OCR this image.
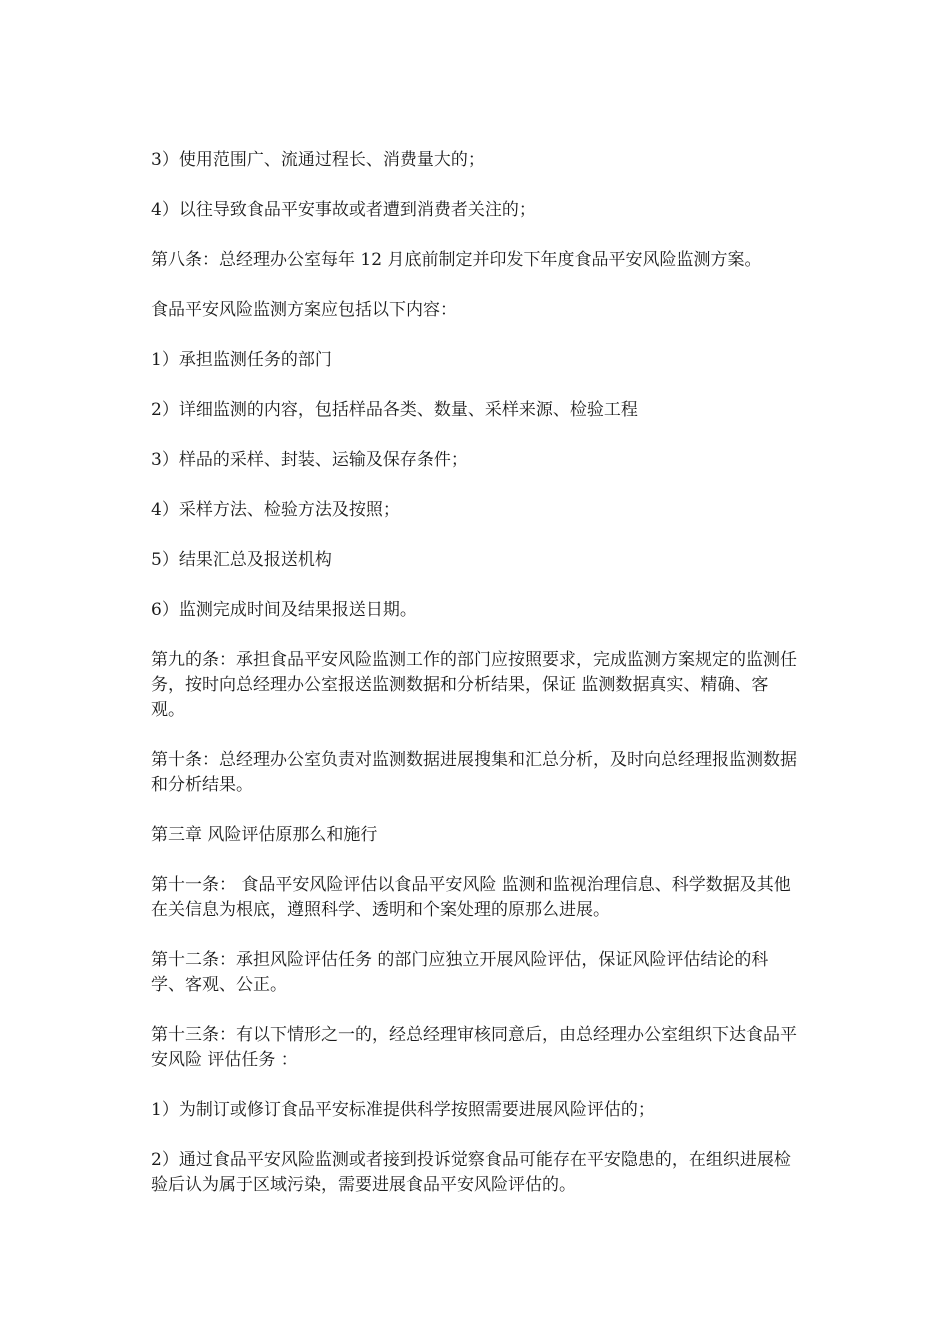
3）使用范围广、流通过程长、消费量大的；

4）以往导致食品平安事故或者遭到消费者关注的；

第八条：总经理办公室每年 12 月底前制定并印发下年度食品平安风险监测方案。

食品平安风险监测方案应包括以下内容：

1）承担监测任务的部门

2）详细监测的内容，包括样品各类、数量、采样来源、检验工程

3）样品的采样、封装、运输及保存条件；

4）采样方法、检验方法及按照；

5）结果汇总及报送机构

6）监测完成时间及结果报送日期。

第九的条：承担食品平安风险监测工作的部门应按照要求，完成监测方案规定的监测任务，按时向总经理办公室报送监测数据和分析结果，保证 监测数据真实、精确、客观。

第十条：总经理办公室负责对监测数据进展搜集和汇总分析，及时向总经理报监测数据和分析结果。

第三章 风险评估原那么和施行

第十一条： 食品平安风险评估以食品平安风险 监测和监视治理信息、科学数据及其他在关信息为根底，遵照科学、透明和个案处理的原那么进展。

第十二条：承担风险评估任务 的部门应独立开展风险评估，保证风险评估结论的科学、客观、公正。

第十三条：有以下情形之一的，经总经理审核同意后，由总经理办公室组织下达食品平安风险 评估任务 ：

1）为制订或修订食品平安标准提供科学按照需要进展风险评估的；

2）通过食品平安风险监测或者接到投诉觉察食品可能存在平安隐患的，在组织进展检验后认为属于区域污染，需要进展食品平安风险评估的。
